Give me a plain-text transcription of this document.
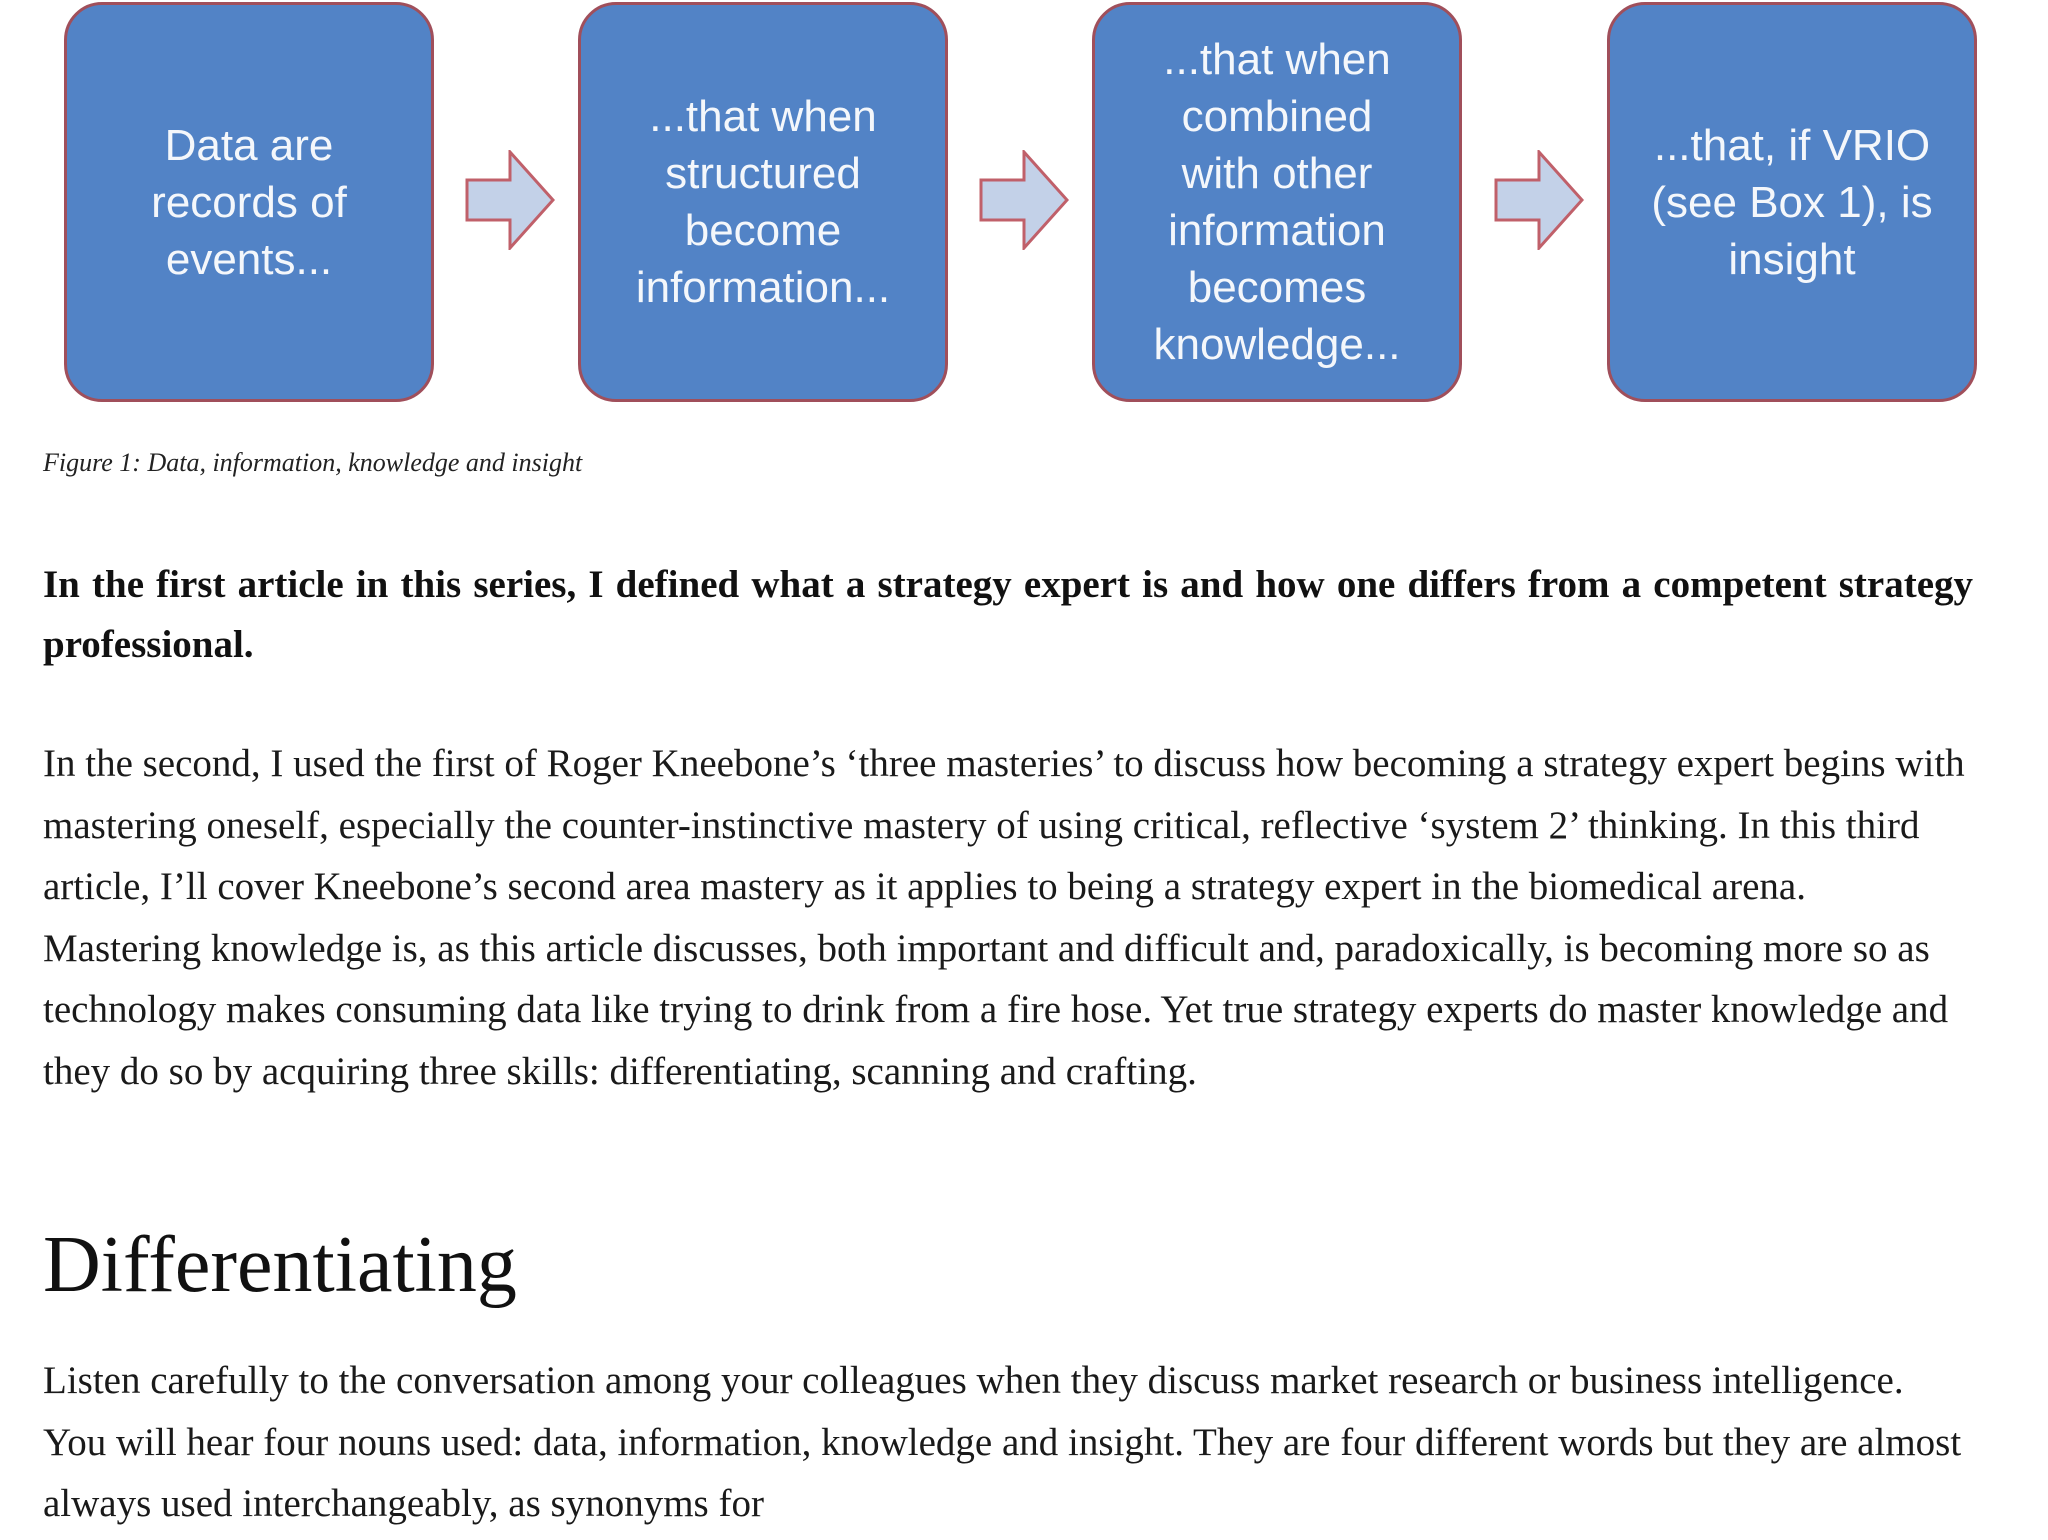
Data are
records of
events...
...that when
structured
become
information...
...that when
combined
with other
information
becomes
knowledge...
...that, if VRIO
(see Box 1), is
insight
Figure 1: Data, information, knowledge and insight

In the first article in this series, I defined what a strategy expert is and how one differs from a competent strategy professional.

In the second, I used the first of Roger Kneebone’s ‘three masteries’ to discuss how becoming a strategy expert begins with mastering oneself, especially the counter-instinctive mastery of using critical, reflective ‘system 2’ thinking. In this third article, I’ll cover Kneebone’s second area mastery as it applies to being a strategy expert in the biomedical arena. Mastering knowledge is, as this article discusses, both important and difficult and, paradoxically, is becoming more so as technology makes consuming data like trying to drink from a fire hose. Yet true strategy experts do master knowledge and they do so by acquiring three skills: differentiating, scanning and crafting.

Differentiating

Listen carefully to the conversation among your colleagues when they discuss market research or business intelligence. You will hear four nouns used: data, information, knowledge and insight. They are four different words but they are almost always used interchangeably, as synonyms for
